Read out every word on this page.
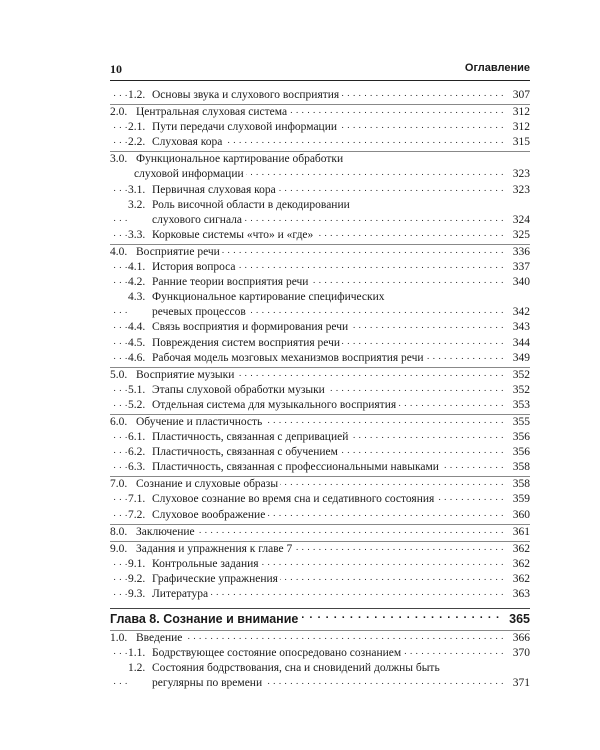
10	Оглавление
. . .
1.2. Основы звука и слухового восприятия	307
. . .
2.0. Центральная слуховая система	312
. . .
2.1. Пути передачи слуховой информации	312
. . .
2.2. Слуховая кора	315
3.0. Функциональное картирование обработки
. . .
слуховой информации	323
. . .
3.1. Первичная слуховая кора	323
3.2. Роль височной области в декодировании
. . .
слухового сигнала	324
. . .
3.3. Корковые системы «что» и «где»	325
. . .
4.0. Восприятие речи	336
. . .
4.1. История вопроса	337
. . .
4.2. Ранние теории восприятия речи	340
4.3. Функциональное картирование специфических
. . .
речевых процессов	342
. . .
4.4. Связь восприятия и формирования речи	343
. . .
4.5. Повреждения систем восприятия речи	344
. . .
4.6. Рабочая модель мозговых механизмов восприятия речи	349
. . .
5.0. Восприятие музыки	352
. . .
5.1. Этапы слуховой обработки музыки	352
. . .
5.2. Отдельная система для музыкального восприятия	353
. . .
6.0. Обучение и пластичность	355
. . .
6.1. Пластичность, связанная с депривацией	356
. . .
6.2. Пластичность, связанная с обучением	356
. . .
6.3. Пластичность, связанная с профессиональными навыками	358
. . .
7.0. Сознание и слуховые образы	358
. . .
7.1. Слуховое сознание во время сна и седативного состояния	359
. . .
7.2. Слуховое воображение	360
. . .
8.0. Заключение	361
. . .
9.0. Задания и упражнения к главе 7	362
. . .
9.1. Контрольные задания	362
. . .
9.2. Графические упражнения	362
. . .
9.3. Литература	363
. . .
Глава 8. Сознание и внимание	365
. . .
1.0. Введение	366
. . .
1.1. Бодрствующее состояние опосредовано сознанием	370
1.2. Состояния бодрствования, сна и сновидений должны быть
. . .
регулярны по времени	371
